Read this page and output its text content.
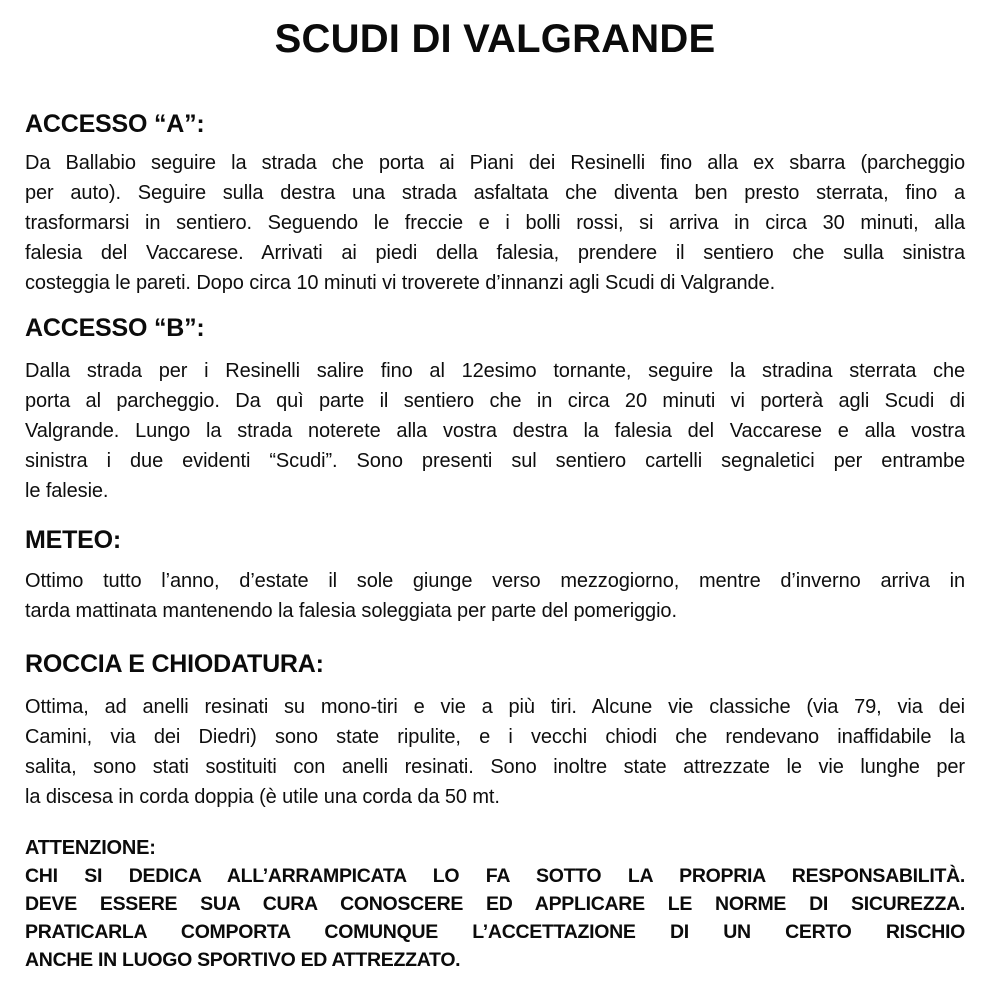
SCUDI DI VALGRANDE
ACCESSO “A”:
Da Ballabio seguire la strada che porta ai Piani dei Resinelli fino alla ex sbarra (parcheggio
per auto). Seguire sulla destra una strada asfaltata che diventa ben presto sterrata, fino a
trasformarsi in sentiero. Seguendo le freccie e i bolli rossi, si arriva in circa 30 minuti, alla
falesia del Vaccarese. Arrivati ai piedi della falesia, prendere il sentiero che sulla sinistra
costeggia le pareti. Dopo circa 10 minuti vi troverete d’innanzi agli Scudi di Valgrande.
ACCESSO “B”:
Dalla strada per i Resinelli salire fino al 12esimo tornante, seguire la stradina sterrata che
porta al parcheggio. Da quì parte il sentiero che in circa 20 minuti vi porterà agli Scudi di
Valgrande. Lungo la strada noterete alla vostra destra la falesia del Vaccarese e alla vostra
sinistra i due evidenti “Scudi”. Sono presenti sul sentiero cartelli segnaletici per entrambe
le falesie.
METEO:
Ottimo tutto l’anno, d’estate il sole giunge verso mezzogiorno, mentre d’inverno arriva in
tarda mattinata mantenendo la falesia soleggiata per parte del pomeriggio.
ROCCIA E CHIODATURA:
Ottima, ad anelli resinati su mono-tiri e vie a più tiri. Alcune vie classiche (via 79, via dei
Camini, via dei Diedri) sono state ripulite, e i vecchi chiodi che rendevano inaffidabile la
salita, sono stati sostituiti con anelli resinati. Sono inoltre state attrezzate le vie lunghe per
la discesa in corda doppia (è utile una corda da 50 mt.
ATTENZIONE:
CHI SI DEDICA ALL’ARRAMPICATA LO FA SOTTO LA PROPRIA RESPONSABILITÀ.
DEVE ESSERE SUA CURA CONOSCERE ED APPLICARE LE NORME DI SICUREZZA.
PRATICARLA COMPORTA COMUNQUE L’ACCETTAZIONE DI UN CERTO RISCHIO
ANCHE IN LUOGO SPORTIVO ED ATTREZZATO.
